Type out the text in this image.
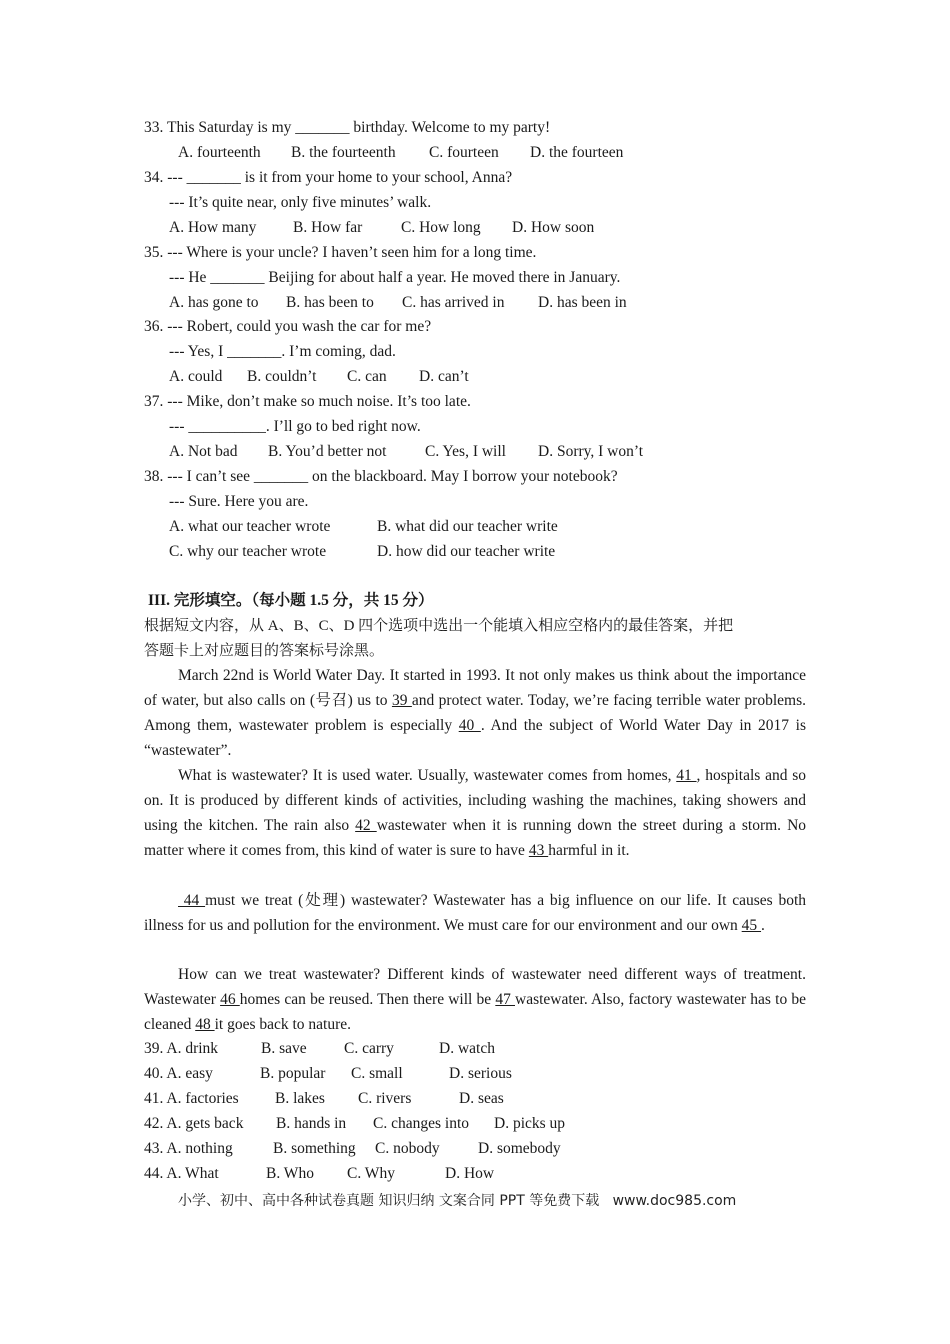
33. This Saturday is my _______ birthday. Welcome to my party!
A. fourteenth	B. the fourteenth	C. fourteen	D. the fourteen
34. --- _______ is it from your home to your school, Anna?
--- It’s quite near, only five minutes’ walk.
A. How many	B. How far	C. How long	D. How soon
35. --- Where is your uncle? I haven’t seen him for a long time.
--- He _______ Beijing for about half a year. He moved there in January.
A. has gone to	B. has been to	C. has arrived in	D. has been in
36. --- Robert, could you wash the car for me?
--- Yes, I _______. I’m coming, dad.
A. could	B. couldn’t	C. can	D. can’t
37. --- Mike, don’t make so much noise. It’s too late.
--- __________. I’ll go to bed right now.
A. Not bad	B. You’d better not	C. Yes, I will	D. Sorry, I won’t
38. --- I can’t see _______ on the blackboard. May I borrow your notebook?
--- Sure. Here you are.
A. what our teacher wrote	B. what did our teacher write
C. why our teacher wrote	D. how did our teacher write
III. 完形填空。（每小题 1.5 分，共 15 分）
根据短文内容，从 A、B、C、D 四个选项中选出一个能填入相应空格内的最佳答案，并把
答题卡上对应题目的答案标号涂黑。
March 22nd is World Water Day. It started in 1993. It not only makes us think about the importance of water, but also calls on (号召) us to 39 and protect water. Today, we’re facing terrible water problems. Among them, wastewater problem is especially 40 . And the subject of World Water Day in 2017 is “wastewater”.
What is wastewater? It is used water. Usually, wastewater comes from homes, 41 , hospitals and so on. It is produced by different kinds of activities, including washing the machines, taking showers and using the kitchen. The rain also 42 wastewater when it is running down the street during a storm. No matter where it comes from, this kind of water is sure to have 43 harmful in it.
44 must we treat (处理) wastewater? Wastewater has a big influence on our life. It causes both illness for us and pollution for the environment. We must care for our environment and our own 45 .
How can we treat wastewater? Different kinds of wastewater need different ways of treatment. Wastewater 46 homes can be reused. Then there will be 47 wastewater. Also, factory wastewater has to be cleaned 48 it goes back to nature.
39. A. drink	B. save	C. carry	D. watch
40. A. easy	B. popular	C. small	D. serious
41. A. factories	B. lakes	C. rivers	D. seas
42. A. gets back	B. hands in	C. changes into	D. picks up
43. A. nothing	B. something	C. nobody	D. somebody
44. A. What	B. Who	C. Why	D. How
小学、初中、高中各种试卷真题 知识归纳 文案合同 PPT 等免费下载   www.doc985.com
